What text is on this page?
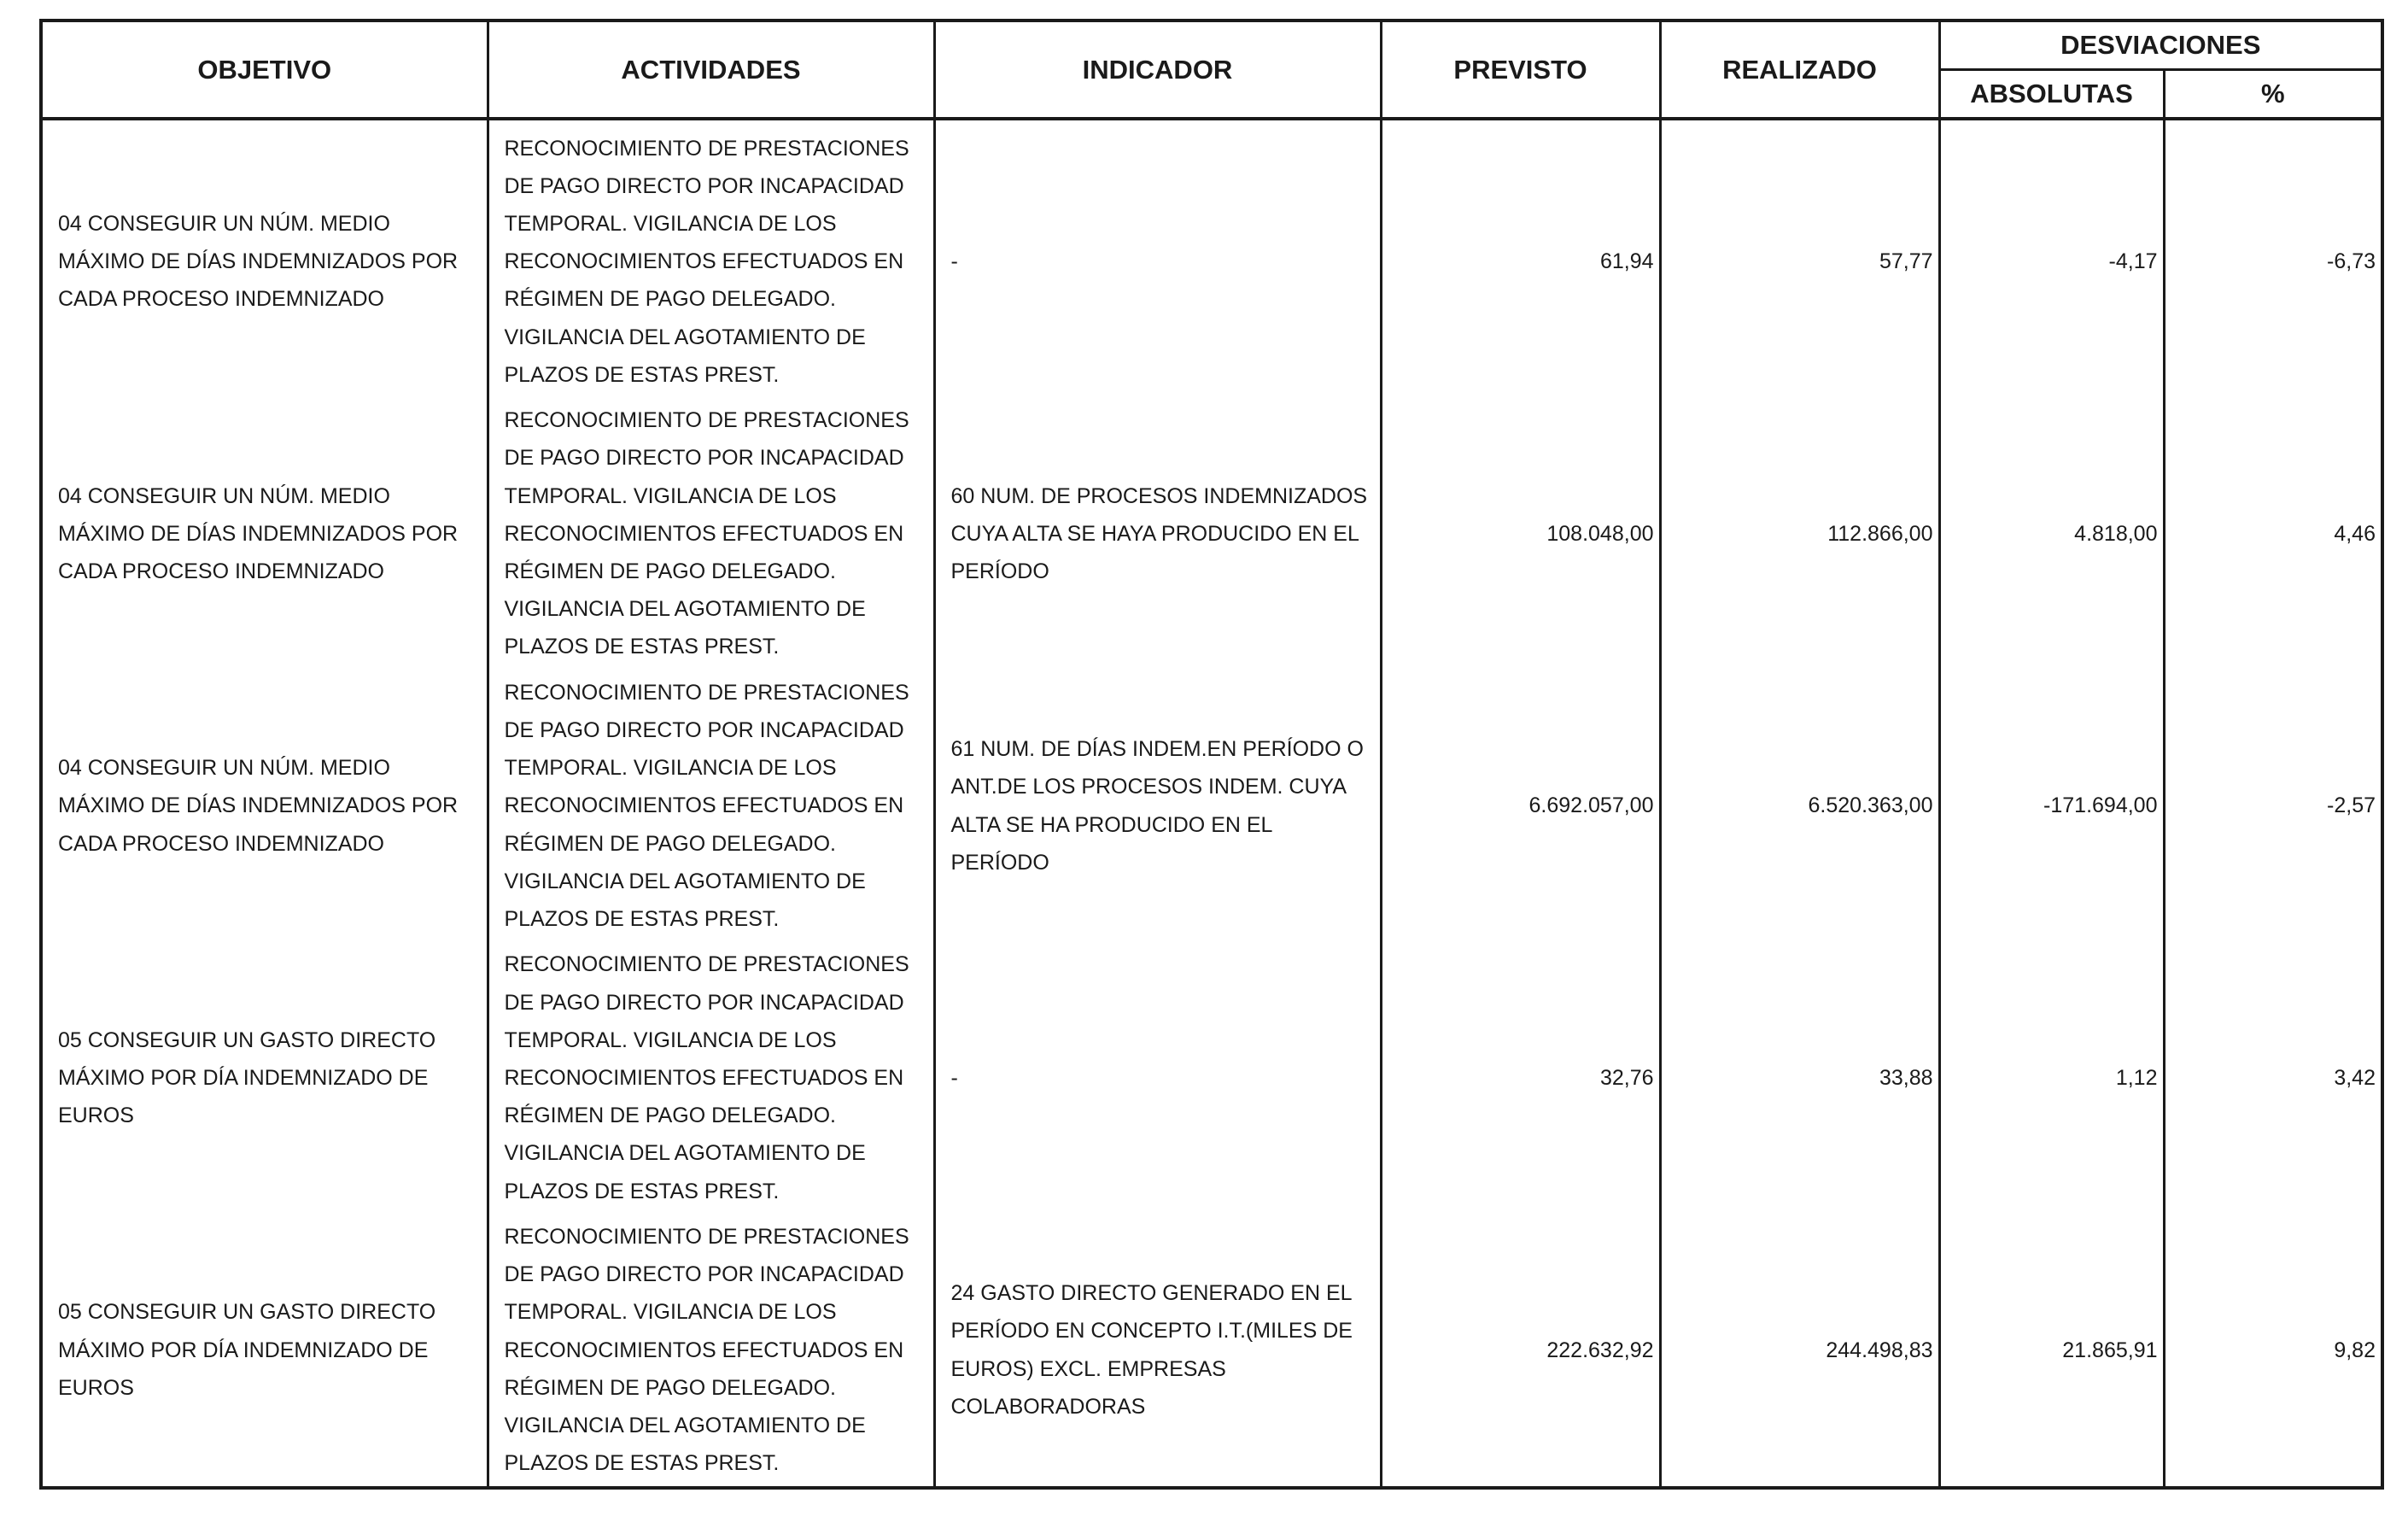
OBJETIVO	ACTIVIDADES	INDICADOR	PREVISTO	REALIZADO	DESVIACIONES	
					ABSOLUTAS	%
04 CONSEGUIR UN NÚM. MEDIO MÁXIMO DE DÍAS INDEMNIZADOS POR CADA PROCESO INDEMNIZADO	RECONOCIMIENTO DE PRESTACIONES DE PAGO DIRECTO POR INCAPACIDAD TEMPORAL. VIGILANCIA DE LOS RECONOCIMIENTOS EFECTUADOS EN RÉGIMEN DE PAGO DELEGADO. VIGILANCIA DEL AGOTAMIENTO DE PLAZOS DE ESTAS PREST.	-	61,94	57,77	-4,17	-6,73
04 CONSEGUIR UN NÚM. MEDIO MÁXIMO DE DÍAS INDEMNIZADOS POR CADA PROCESO INDEMNIZADO	RECONOCIMIENTO DE PRESTACIONES DE PAGO DIRECTO POR INCAPACIDAD TEMPORAL. VIGILANCIA DE LOS RECONOCIMIENTOS EFECTUADOS EN RÉGIMEN DE PAGO DELEGADO. VIGILANCIA DEL AGOTAMIENTO DE PLAZOS DE ESTAS PREST.	60 NUM. DE PROCESOS INDEMNIZADOS CUYA ALTA SE HAYA PRODUCIDO EN EL PERÍODO	108.048,00	112.866,00	4.818,00	4,46
04 CONSEGUIR UN NÚM. MEDIO MÁXIMO DE DÍAS INDEMNIZADOS POR CADA PROCESO INDEMNIZADO	RECONOCIMIENTO DE PRESTACIONES DE PAGO DIRECTO POR INCAPACIDAD TEMPORAL. VIGILANCIA DE LOS RECONOCIMIENTOS EFECTUADOS EN RÉGIMEN DE PAGO DELEGADO. VIGILANCIA DEL AGOTAMIENTO DE PLAZOS DE ESTAS PREST.	61 NUM. DE DÍAS INDEM.EN PERÍODO O ANT.DE LOS PROCESOS INDEM. CUYA ALTA SE HA PRODUCIDO EN EL PERÍODO	6.692.057,00	6.520.363,00	-171.694,00	-2,57
05 CONSEGUIR UN GASTO DIRECTO MÁXIMO POR DÍA INDEMNIZADO DE EUROS	RECONOCIMIENTO DE PRESTACIONES DE PAGO DIRECTO POR INCAPACIDAD TEMPORAL. VIGILANCIA DE LOS RECONOCIMIENTOS EFECTUADOS EN RÉGIMEN DE PAGO DELEGADO. VIGILANCIA DEL AGOTAMIENTO DE PLAZOS DE ESTAS PREST.	-	32,76	33,88	1,12	3,42
05 CONSEGUIR UN GASTO DIRECTO MÁXIMO POR DÍA INDEMNIZADO DE EUROS	RECONOCIMIENTO DE PRESTACIONES DE PAGO DIRECTO POR INCAPACIDAD TEMPORAL. VIGILANCIA DE LOS RECONOCIMIENTOS EFECTUADOS EN RÉGIMEN DE PAGO DELEGADO. VIGILANCIA DEL AGOTAMIENTO DE PLAZOS DE ESTAS PREST.	24 GASTO DIRECTO GENERADO EN EL PERÍODO EN CONCEPTO I.T.(MILES DE EUROS) EXCL. EMPRESAS COLABORADORAS	222.632,92	244.498,83	21.865,91	9,82
